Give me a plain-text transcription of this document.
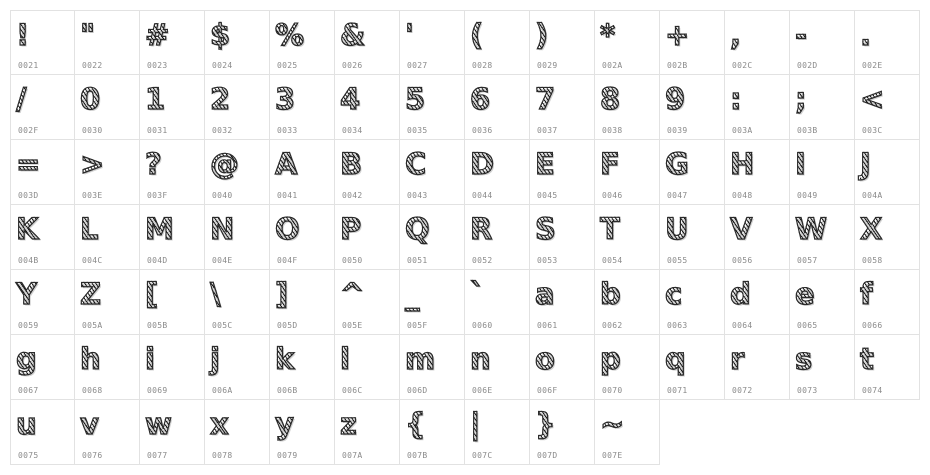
!
0021
"
0022
#
0023
$
0024
%
0025
&
0026
'
0027
(
0028
)
0029
*
002A
+
002B
,
002C
-
002D
.
002E
/
002F
0
0030
1
0031
2
0032
3
0033
4
0034
5
0035
6
0036
7
0037
8
0038
9
0039
:
003A
;
003B
<
003C
=
003D
>
003E
?
003F
@
0040
A
0041
B
0042
C
0043
D
0044
E
0045
F
0046
G
0047
H
0048
I
0049
J
004A
K
004B
L
004C
M
004D
N
004E
O
004F
P
0050
Q
0051
R
0052
S
0053
T
0054
U
0055
V
0056
W
0057
X
0058
Y
0059
Z
005A
[
005B
\
005C
]
005D
^
005E
_
005F
`
0060
a
0061
b
0062
c
0063
d
0064
e
0065
f
0066
g
0067
h
0068
i
0069
j
006A
k
006B
l
006C
m
006D
n
006E
o
006F
p
0070
q
0071
r
0072
s
0073
t
0074
u
0075
v
0076
w
0077
x
0078
y
0079
z
007A
{
007B
|
007C
}
007D
~
007E
